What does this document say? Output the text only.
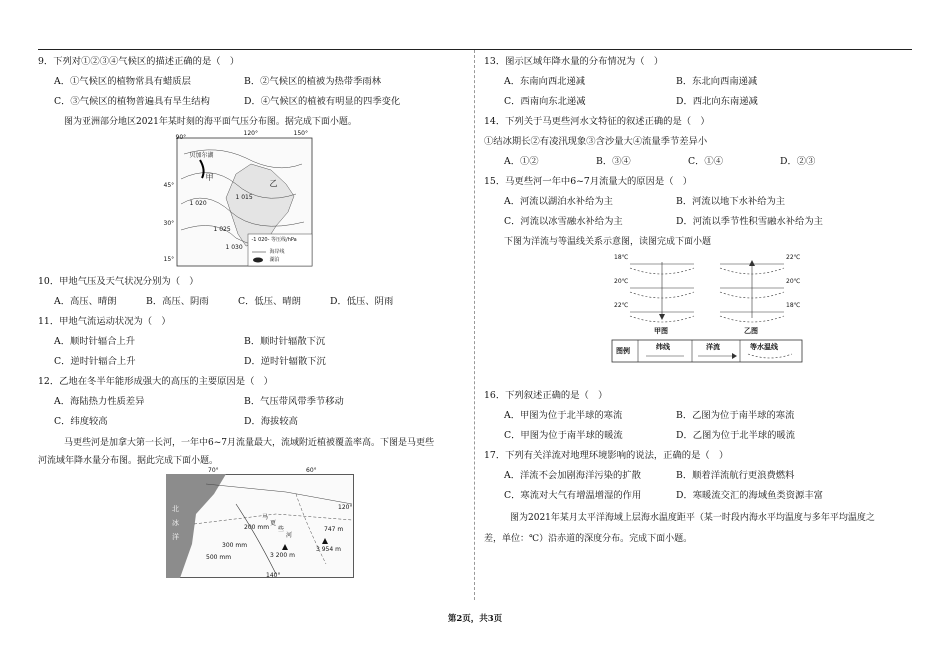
9．下列对①②③④气候区的描述正确的是（　）
A．①气候区的植物常具有蜡质层	B．②气候区的植被为热带季雨林
C．③气候区的植物普遍具有旱生结构	D．④气候区的植被有明显的四季变化
图为亚洲部分地区2021年某时刻的海平面气压分布图。据完成下面小题。
90°
120°	150°
45°
30°
15°
贝加尔湖
甲
乙
1 025
1 015
1 020
1 030
-1 020- 等压线/hPa
海岸线
湖泊
10．甲地气压及天气状况分别为（　）
A．高压、晴朗	B．高压、阴雨	C．低压、晴朗	D．低压、阴雨
11．甲地气流运动状况为（　）
A．顺时针辐合上升	B．顺时针辐散下沉
C．逆时针辐合上升	D．逆时针辐散下沉
12．乙地在冬半年能形成强大的高压的主要原因是（　）
A．海陆热力性质差异	B．气压带风带季节移动
C．纬度较高	D．海拔较高
马更些河是加拿大第一长河，一年中6~7月流量最大，流域附近植被覆盖率高。下图是马更些
河流域年降水量分布图。据此完成下面小题。
70°	60°
120°
140°
北
冰
洋
200 mm
300 mm
500 mm
马
更
些
河
3 200 m
3 954 m
747 m
13．图示区域年降水量的分布情况为（　）
A．东南向西北递减	B．东北向西南递减
C．西南向东北递减	D．西北向东南递减
14．下列关于马更些河水文特征的叙述正确的是（　）
①结冰期长②有凌汛现象③含沙量大④流量季节差异小
A．①②	B．③④	C．①④	D．②③
15．马更些河一年中6~7月流量大的原因是（　）
A．河流以湖泊水补给为主	B．河流以地下水补给为主
C．河流以冰雪融水补给为主	D．河流以季节性积雪融水补给为主
下图为洋流与等温线关系示意图，读图完成下面小题
18℃
20℃
22℃
22℃
20℃
18℃
甲图	乙图
图例	纬线	洋流	等水温线
16．下列叙述正确的是（　）
A．甲图为位于北半球的寒流	B．乙图为位于南半球的寒流
C．甲图为位于南半球的暖流	D．乙图为位于北半球的暖流
17．下列有关洋流对地理环境影响的说法，正确的是（　）
A．洋流不会加剧海洋污染的扩散	B．顺着洋流航行更浪费燃料
C．寒流对大气有增温增湿的作用	D．寒暖流交汇的海域鱼类资源丰富
图为2021年某月太平洋海域上层海水温度距平（某一时段内海水平均温度与多年平均温度之
差，单位：℃）沿赤道的深度分布。完成下面小题。
第2页，共3页
